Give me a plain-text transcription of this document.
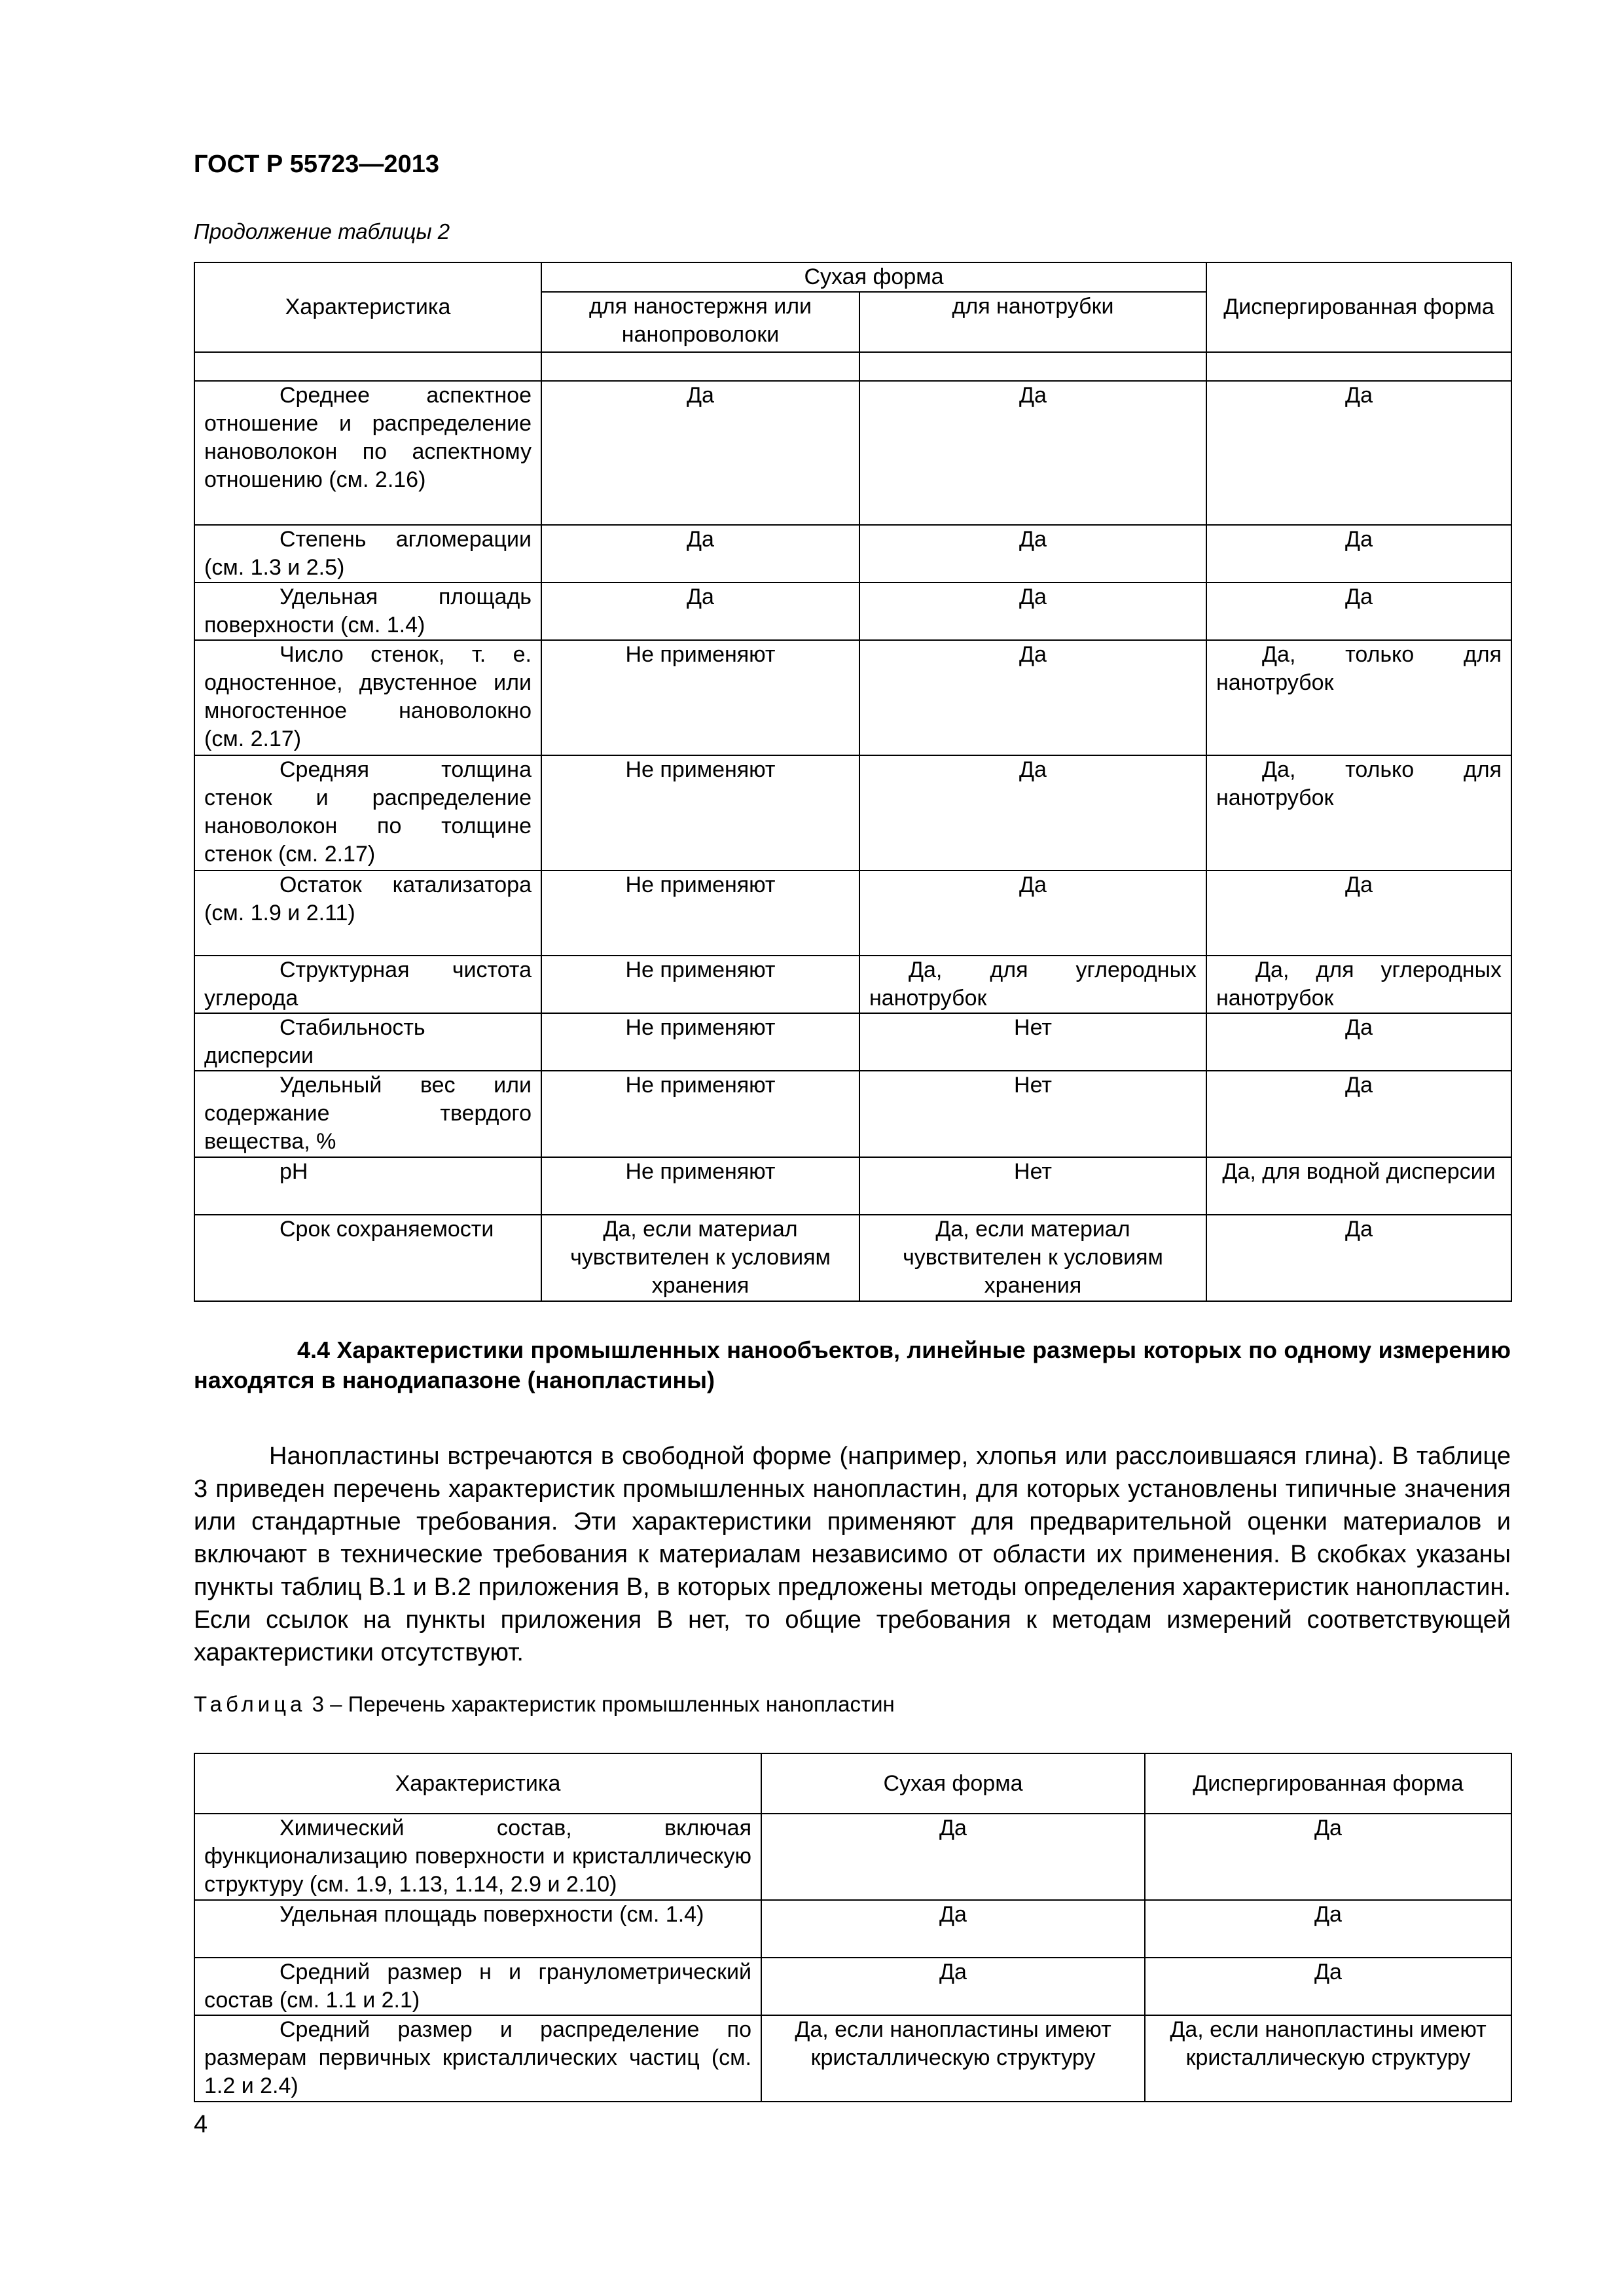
ГОСТ Р 55723—2013
Продолжение таблицы 2
Характеристика	Сухая форма		Диспергированная форма
	для наностержня или нанопроволоки	для нанотрубки	

Среднее аспектное отношение и распределение нановолокон по аспектному отношению (см. 2.16)	Да	Да	Да
Степень агломерации (см. 1.3 и 2.5)	Да	Да	Да
Удельная площадь поверхности (см. 1.4)	Да	Да	Да
Число стенок, т. е. одностенное, двустенное или многостенное нановолокно (см. 2.17)	Не применяют	Да	Да, только для нанотрубок
Средняя толщина стенок и распределение нановолокон по толщине стенок (см. 2.17)	Не применяют	Да	Да, только для нанотрубок
Остаток катализатора (см. 1.9 и 2.11)	Не применяют	Да	Да
Структурная чистота углерода	Не применяют	Да, для углеродных нанотрубок	Да, для углеродных нанотрубок
Стабильность дисперсии	Не применяют	Нет	Да
Удельный вес или содержание твердого вещества, %	Не применяют	Нет	Да
pH	Не применяют	Нет	Да, для водной дисперсии
Срок сохраняемости	Да, если материал чувствителен к условиям хранения	Да, если материал чувствителен к условиям хранения	Да

4.4 Характеристики промышленных нанообъектов, линейные размеры которых по одному измерению находятся в нанодиапазоне (нанопластины)

Нанопластины встречаются в свободной форме (например, хлопья или расслоившаяся глина). В таблице 3 приведен перечень характеристик промышленных нанопластин, для которых установлены типичные значения или стандартные требования. Эти характеристики применяют для предварительной оценки материалов и включают в технические требования к материалам независимо от области их применения. В скобках указаны пункты таблиц В.1 и В.2 приложения В, в которых предложены методы определения характеристик нанопластин. Если ссылок на пункты приложения В нет, то общие требования к методам измерений соответствующей характеристики отсутствуют.

Таблица 3 – Перечень характеристик промышленных нанопластин
Характеристика	Сухая форма	Диспергированная форма
Химический состав, включая функционализацию поверхности и кристаллическую структуру (см. 1.9, 1.13, 1.14, 2.9 и 2.10)	Да	Да
Удельная площадь поверхности (см. 1.4)	Да	Да
Средний размер н и гранулометрический состав (см. 1.1 и 2.1)	Да	Да
Средний размер и распределение по размерам первичных кристаллических частиц (см. 1.2 и 2.4)	Да, если нанопластины имеют кристаллическую структуру	Да, если нанопластины имеют кристаллическую структуру
4
